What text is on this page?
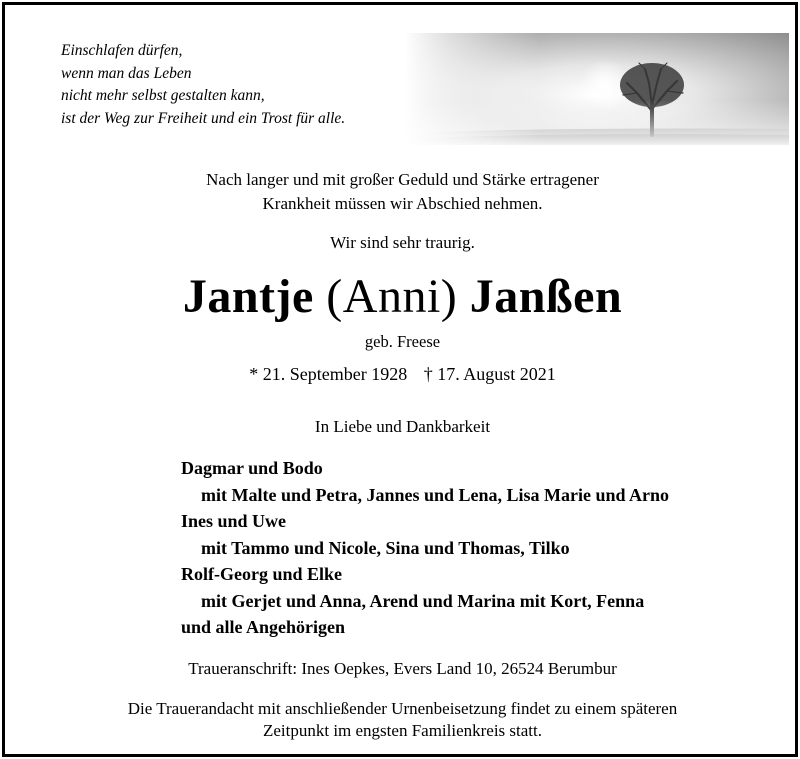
Einschlafen dürfen,
wenn man das Leben
nicht mehr selbst gestalten kann,
ist der Weg zur Freiheit und ein Trost für alle.
Nach langer und mit großer Geduld und Stärke ertragener
Krankheit müssen wir Abschied nehmen.
Wir sind sehr traurig.
Jantje (Anni) Janßen
geb. Freese
* 21. September 1928 † 17. August 2021
In Liebe und Dankbarkeit
Dagmar und Bodo
mit Malte und Petra, Jannes und Lena, Lisa Marie und Arno
Ines und Uwe
mit Tammo und Nicole, Sina und Thomas, Tilko
Rolf-Georg und Elke
mit Gerjet und Anna, Arend und Marina mit Kort, Fenna
und alle Angehörigen
Traueranschrift: Ines Oepkes, Evers Land 10, 26524 Berumbur
Die Trauerandacht mit anschließender Urnenbeisetzung findet zu einem späteren
Zeitpunkt im engsten Familienkreis statt.
